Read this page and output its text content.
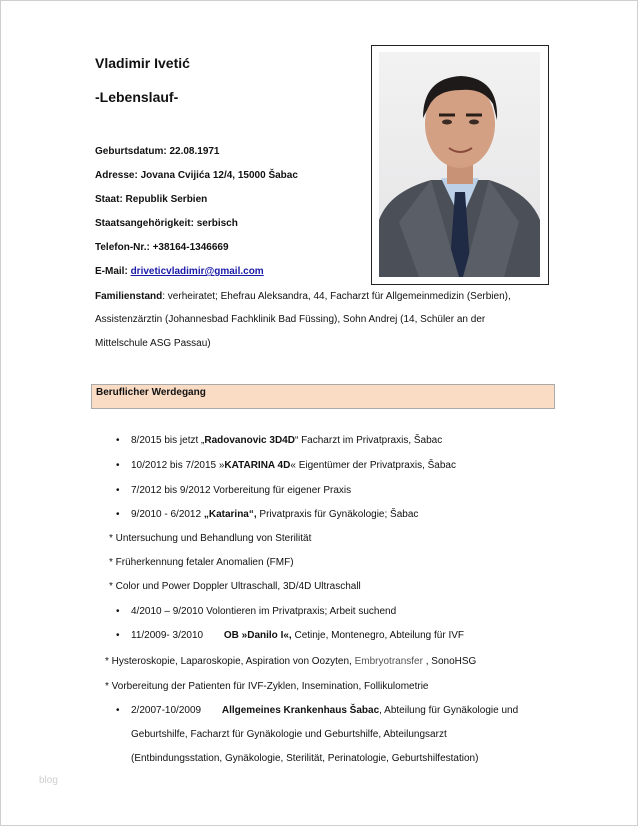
Vladimir Ivetić
-Lebenslauf-
Geburtsdatum: 22.08.1971
Adresse: Jovana Cvijića 12/4, 15000 Šabac
Staat: Republik Serbien
Staatsangehörigkeit: serbisch
Telefon-Nr.: +38164-1346669
E-Mail: driveticvladimir@gmail.com
Familienstand: verheiratet; Ehefrau Aleksandra, 44, Facharzt für Allgemeinmedizin (Serbien),
Assistenzärztin (Johannesbad Fachklinik Bad Füssing), Sohn Andrej (14, Schüler an der
Mittelschule ASG Passau)
Beruflicher Werdegang
• 8/2015 bis jetzt „Radovanovic 3D4D“ Facharzt im Privatpraxis, Šabac
• 10/2012 bis 7/2015 »KATARINA 4D« Eigentümer der Privatpraxis, Šabac
• 7/2012 bis 9/2012 Vorbereitung für eigener Praxis
• 9/2010 - 6/2012 „Katarina“, Privatpraxis für Gynäkologie; Šabac
* Untersuchung und Behandlung von Sterilität
* Früherkennung fetaler Anomalien (FMF)
* Color und Power Doppler Ultraschall, 3D/4D Ultraschall
• 4/2010 – 9/2010 Volontieren im Privatpraxis; Arbeit suchend
• 11/2009- 3/2010 OB »Danilo I«, Cetinje, Montenegro, Abteilung für IVF
* Hysteroskopie, Laparoskopie, Aspiration von Oozyten, Embryotransfer , SonoHSG
* Vorbereitung der Patienten für IVF-Zyklen, Insemination, Follikulometrie
• 2/2007-10/2009 Allgemeines Krankenhaus Šabac, Abteilung für Gynäkologie und
Geburtshilfe, Facharzt für Gynäkologie und Geburtshilfe, Abteilungsarzt
(Entbindungsstation, Gynäkologie, Sterilität, Perinatologie, Geburtshilfestation)
blog
